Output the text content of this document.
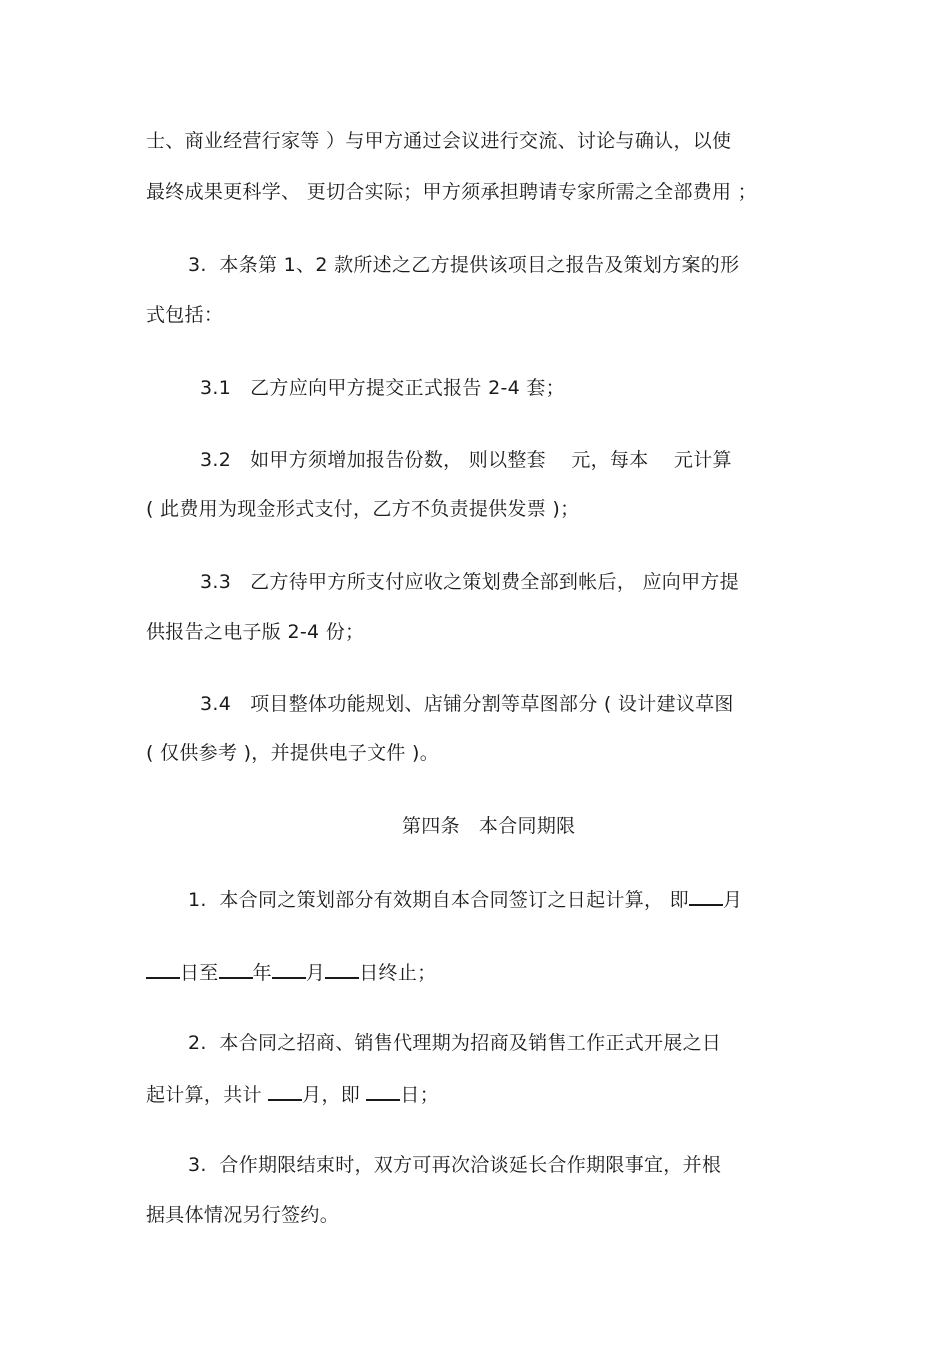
士、商业经营行家等 ）与甲方通过会议进行交流、讨论与确认，以使
最终成果更科学、 更切合实际；甲方须承担聘请专家所需之全部费用 ；
3.  本条第 1、2 款所述之乙方提供该项目之报告及策划方案的形
式包括：
3.1   乙方应向甲方提交正式报告 2-4 套；
3.2   如甲方须增加报告份数， 则以整套    元，每本    元计算
( 此费用为现金形式支付，乙方不负责提供发票 )；
3.3   乙方待甲方所支付应收之策划费全部到帐后， 应向甲方提
供报告之电子版 2-4 份；
3.4   项目整体功能规划、店铺分割等草图部分 ( 设计建议草图
( 仅供参考 )，并提供电子文件 )。
第四条   本合同期限
1.  本合同之策划部分有效期自本合同签订之日起计算， 即 月
日至 年 月 日终止；
2.  本合同之招商、销售代理期为招商及销售工作正式开展之日
起计算，共计 月，即 日；
3.  合作期限结束时，双方可再次洽谈延长合作期限事宜，并根
据具体情况另行签约。
